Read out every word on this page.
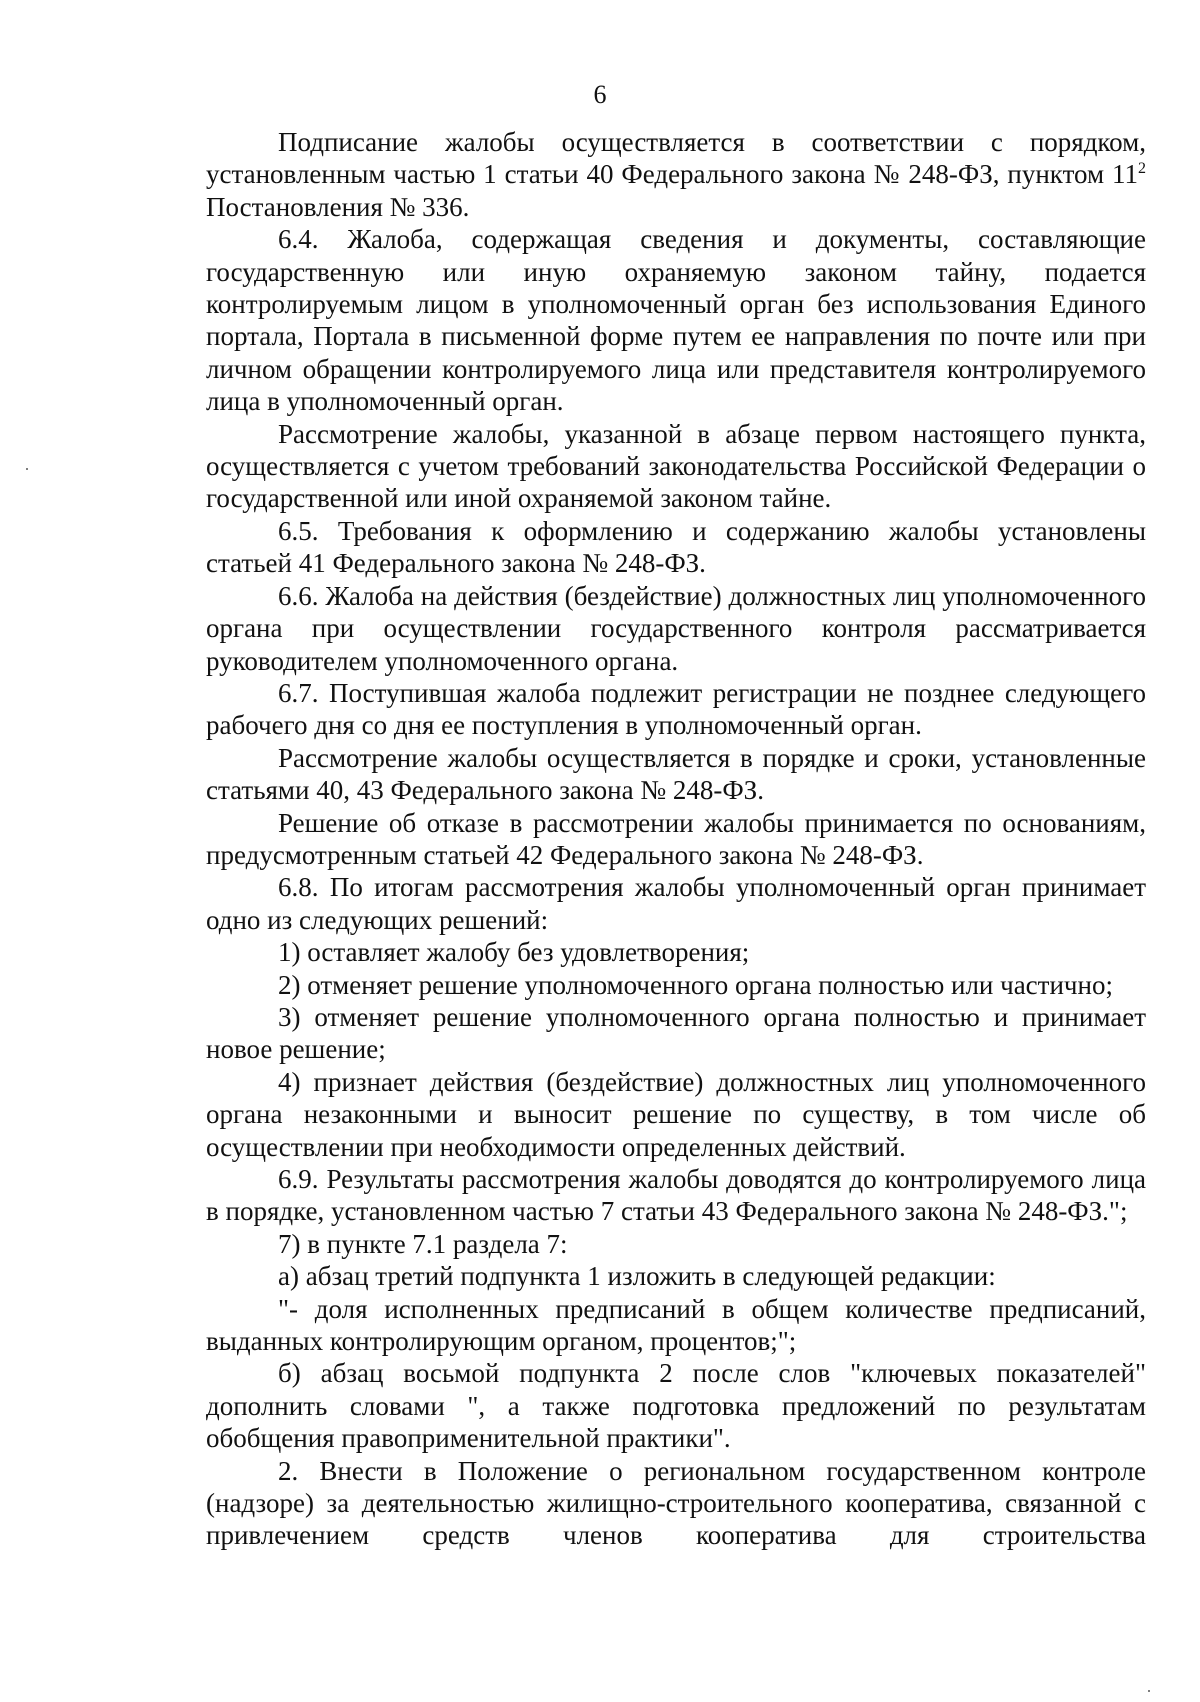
6

Подписание жалобы осуществляется в соответствии с порядком, установленным частью 1 статьи 40 Федерального закона № 248-ФЗ, пунктом $11^2$ Постановления № 336.

6.4. Жалоба, содержащая сведения и документы, составляющие государственную или иную охраняемую законом тайну, подается контролируемым лицом в уполномоченный орган без использования Единого портала, Портала в письменной форме путем ее направления по почте или при личном обращении контролируемого лица или представителя контролируемого лица в уполномоченный орган.

Рассмотрение жалобы, указанной в абзаце первом настоящего пункта, осуществляется с учетом требований законодательства Российской Федерации о государственной или иной охраняемой законом тайне.

6.5. Требования к оформлению и содержанию жалобы установлены статьей 41 Федерального закона № 248-ФЗ.

6.6. Жалоба на действия (бездействие) должностных лиц уполномоченного органа при осуществлении государственного контроля рассматривается руководителем уполномоченного органа.

6.7. Поступившая жалоба подлежит регистрации не позднее следующего рабочего дня со дня ее поступления в уполномоченный орган.

Рассмотрение жалобы осуществляется в порядке и сроки, установленные статьями 40, 43 Федерального закона № 248-ФЗ.

Решение об отказе в рассмотрении жалобы принимается по основаниям, предусмотренным статьей 42 Федерального закона № 248-ФЗ.

6.8. По итогам рассмотрения жалобы уполномоченный орган принимает одно из следующих решений:

1) оставляет жалобу без удовлетворения;

2) отменяет решение уполномоченного органа полностью или частично;

3) отменяет решение уполномоченного органа полностью и принимает новое решение;

4) признает действия (бездействие) должностных лиц уполномоченного органа незаконными и выносит решение по существу, в том числе об осуществлении при необходимости определенных действий.

6.9. Результаты рассмотрения жалобы доводятся до контролируемого лица в порядке, установленном частью 7 статьи 43 Федерального закона № 248-ФЗ.";

7) в пункте 7.1 раздела 7:

а) абзац третий подпункта 1 изложить в следующей редакции:

"- доля исполненных предписаний в общем количестве предписаний, выданных контролирующим органом, процентов;";

б) абзац восьмой подпункта 2 после слов "ключевых показателей" дополнить словами ", а также подготовка предложений по результатам обобщения правоприменительной практики".

2. Внести в Положение о региональном государственном контроле (надзоре) за деятельностью жилищно-строительного кооператива, связанной с привлечением средств членов кооператива для строительства
